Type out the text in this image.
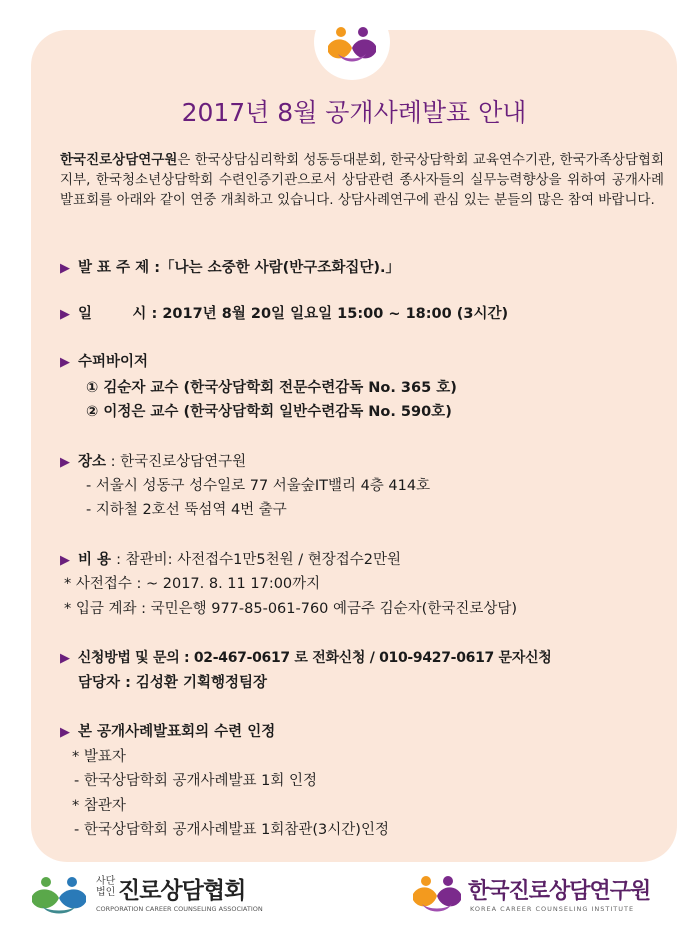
2017년 8월 공개사례발표 안내
한국진로상담연구원은 한국상담심리학회 성동등대분회, 한국상담학회 교육연수기관, 한국가족상담협회 지부, 한국청소년상담학회 수련인증기관으로서 상담관련 종사자들의 실무능력향상을 위하여 공개사례발표회를 아래와 같이 연중 개최하고 있습니다. 상담사례연구에 관심 있는 분들의 많은 참여 바랍니다.
▶ 발 표 주 제 :「나는 소중한 사람(반구조화집단).」
▶ 일        시 : 2017년 8월 20일 일요일 15:00 ~ 18:00 (3시간)
▶ 수퍼바이저
① 김순자 교수 (한국상담학회 전문수련감독 No. 365 호)
② 이정은 교수 (한국상담학회 일반수련감독 No. 590호)
▶ 장소 : 한국진로상담연구원
- 서울시 성동구 성수일로 77 서울숲IT밸리 4층 414호
- 지하철 2호선 뚝섬역 4번 출구
▶ 비 용 : 참관비: 사전접수1만5천원 / 현장접수2만원
* 사전접수 : ~ 2017. 8. 11 17:00까지
* 입금 계좌 : 국민은행 977-85-061-760 예금주 김순자(한국진로상담)
▶ 신청방법 및 문의 : 02-467-0617 로 전화신청 / 010-9427-0617 문자신청
담당자 : 김성환 기획행정팀장
▶ 본 공개사례발표회의 수련 인정
* 발표자
- 한국상담학회 공개사례발표 1회 인정
* 참관자
- 한국상담학회 공개사례발표 1회참관(3시간)인정
사단
법인 진로상담협회
CORPORATION CAREER COUNSELING ASSOCIATION
한국진로상담연구원
KOREA CAREER COUNSELING INSTITUTE
